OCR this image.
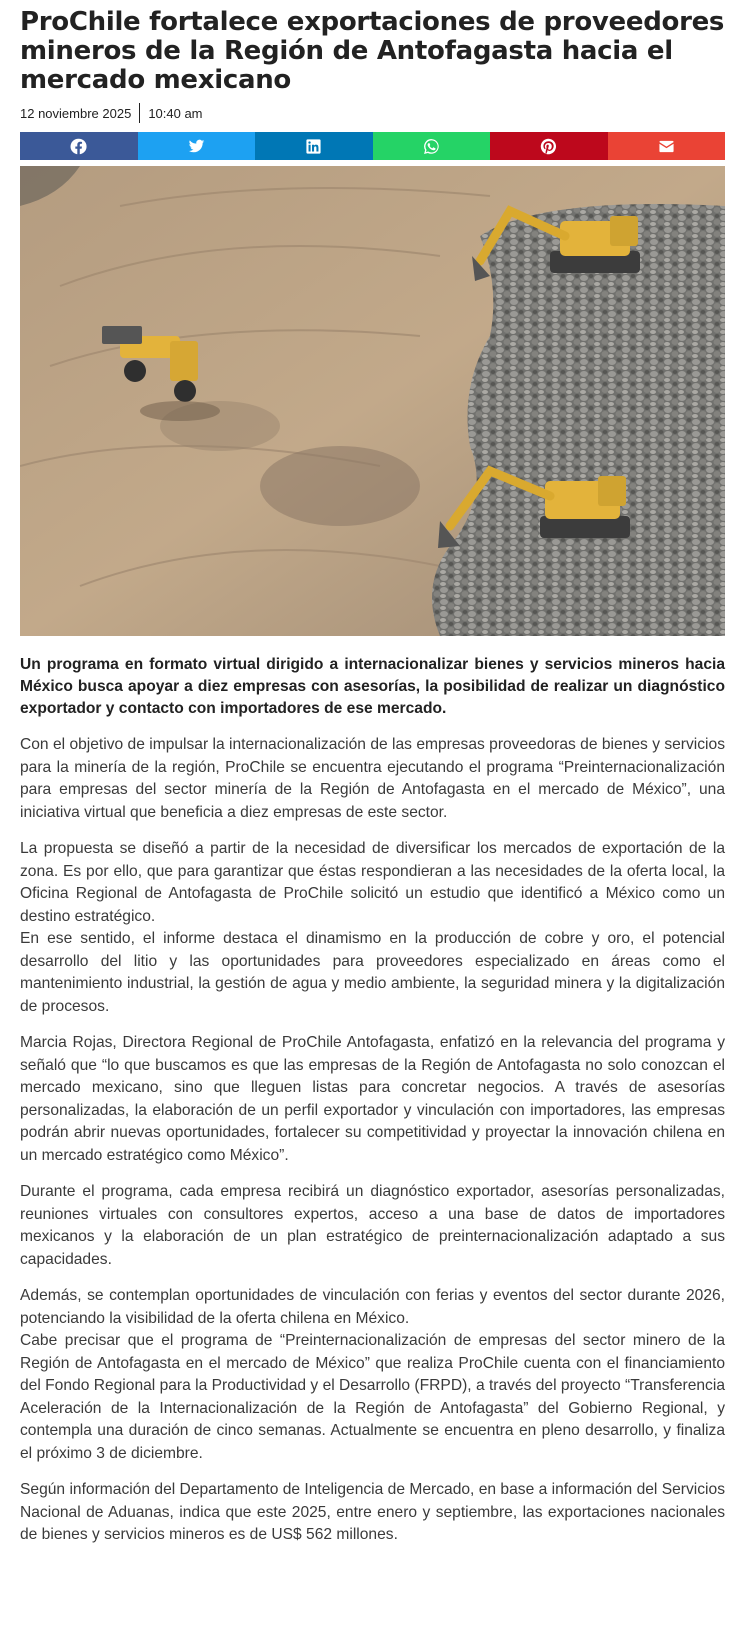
ProChile fortalece exportaciones de proveedores mineros de la Región de Antofagasta hacia el mercado mexicano
12 noviembre 2025 10:40 am

Un programa en formato virtual dirigido a internacionalizar bienes y servicios mineros hacia México busca apoyar a diez empresas con asesorías, la posibilidad de realizar un diagnóstico exportador y contacto con importadores de ese mercado.

Con el objetivo de impulsar la internacionalización de las empresas proveedoras de bienes y servicios para la minería de la región, ProChile se encuentra ejecutando el programa “Preinternacionalización para empresas del sector minería de la Región de Antofagasta en el mercado de México”, una iniciativa virtual que beneficia a diez empresas de este sector.

La propuesta se diseñó a partir de la necesidad de diversificar los mercados de exportación de la zona. Es por ello, que para garantizar que éstas respondieran a las necesidades de la oferta local, la Oficina Regional de Antofagasta de ProChile solicitó un estudio que identificó a México como un destino estratégico.

En ese sentido, el informe destaca el dinamismo en la producción de cobre y oro, el potencial desarrollo del litio y las oportunidades para proveedores especializado en áreas como el mantenimiento industrial, la gestión de agua y medio ambiente, la seguridad minera y la digitalización de procesos.

Marcia Rojas, Directora Regional de ProChile Antofagasta, enfatizó en la relevancia del programa y señaló que “lo que buscamos es que las empresas de la Región de Antofagasta no solo conozcan el mercado mexicano, sino que lleguen listas para concretar negocios. A través de asesorías personalizadas, la elaboración de un perfil exportador y vinculación con importadores, las empresas podrán abrir nuevas oportunidades, fortalecer su competitividad y proyectar la innovación chilena en un mercado estratégico como México”.

Durante el programa, cada empresa recibirá un diagnóstico exportador, asesorías personalizadas, reuniones virtuales con consultores expertos, acceso a una base de datos de importadores mexicanos y la elaboración de un plan estratégico de preinternacionalización adaptado a sus capacidades.

Además, se contemplan oportunidades de vinculación con ferias y eventos del sector durante 2026, potenciando la visibilidad de la oferta chilena en México.

Cabe precisar que el programa de “Preinternacionalización de empresas del sector minero de la Región de Antofagasta en el mercado de México” que realiza ProChile cuenta con el financiamiento del Fondo Regional para la Productividad y el Desarrollo (FRPD), a través del proyecto “Transferencia Aceleración de la Internacionalización de la Región de Antofagasta” del Gobierno Regional, y contempla una duración de cinco semanas. Actualmente se encuentra en pleno desarrollo, y finaliza el próximo 3 de diciembre.

Según información del Departamento de Inteligencia de Mercado, en base a información del Servicios Nacional de Aduanas, indica que este 2025, entre enero y septiembre, las exportaciones nacionales de bienes y servicios mineros es de US$ 562 millones.
